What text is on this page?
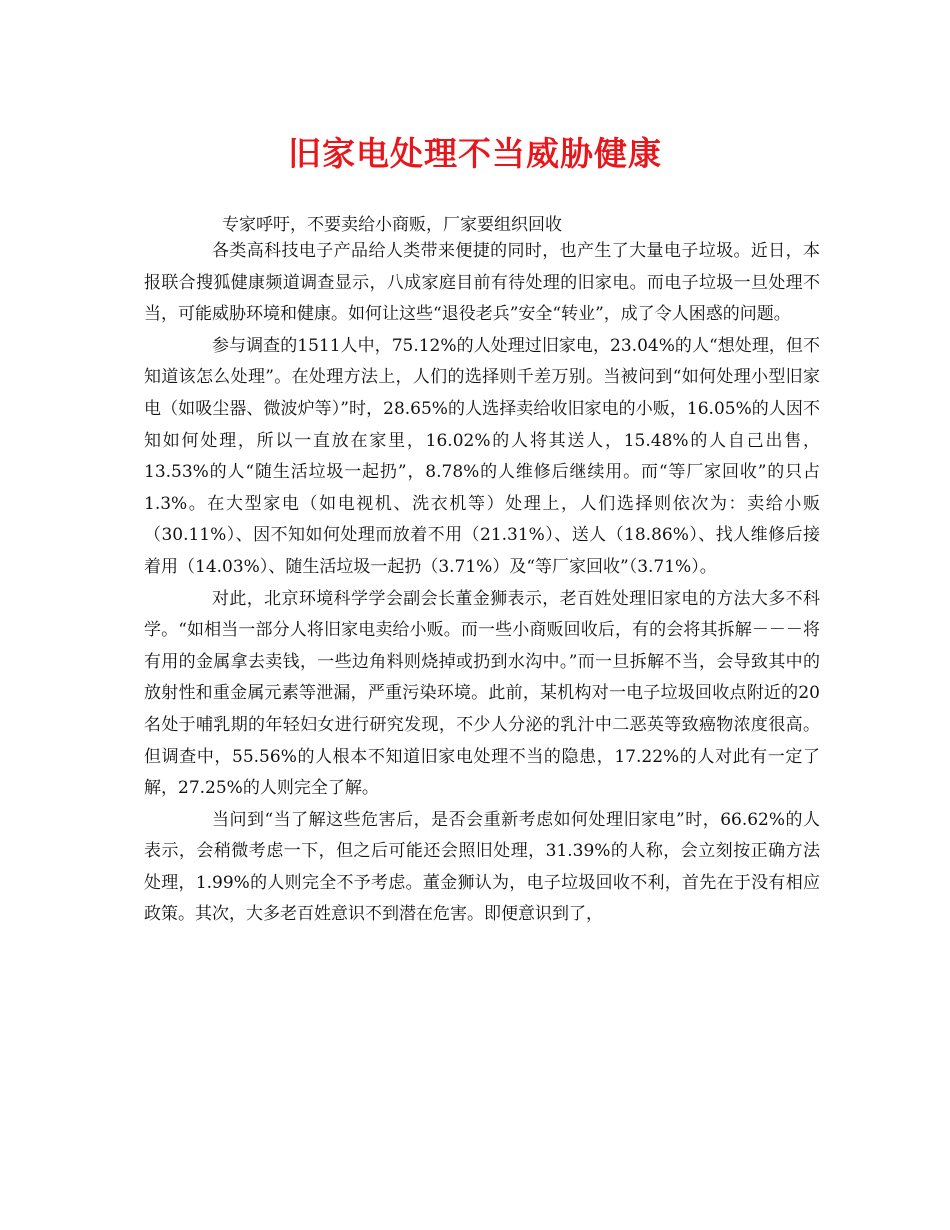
旧家电处理不当威胁健康
专家呼吁，不要卖给小商贩，厂家要组织回收

各类高科技电子产品给人类带来便捷的同时，也产生了大量电子垃圾。近日，本报联合搜狐健康频道调查显示，八成家庭目前有待处理的旧家电。而电子垃圾一旦处理不当，可能威胁环境和健康。如何让这些“退役老兵”安全“转业”，成了令人困惑的问题。

参与调查的1511人中，75.12%的人处理过旧家电，23.04%的人“想处理，但不知道该怎么处理”。在处理方法上，人们的选择则千差万别。当被问到“如何处理小型旧家电（如吸尘器、微波炉等）”时，28.65%的人选择卖给收旧家电的小贩，16.05%的人因不知如何处理，所以一直放在家里，16.02%的人将其送人，15.48%的人自己出售，13.53%的人“随生活垃圾一起扔”，8.78%的人维修后继续用。而“等厂家回收”的只占1.3%。在大型家电（如电视机、洗衣机等）处理上，人们选择则依次为：卖给小贩（30.11%）、因不知如何处理而放着不用（21.31%）、送人（18.86%）、找人维修后接着用（14.03%）、随生活垃圾一起扔（3.71%）及“等厂家回收”（3.71%）。

对此，北京环境科学学会副会长董金狮表示，老百姓处理旧家电的方法大多不科学。“如相当一部分人将旧家电卖给小贩。而一些小商贩回收后，有的会将其拆解－－－将有用的金属拿去卖钱，一些边角料则烧掉或扔到水沟中。”而一旦拆解不当，会导致其中的放射性和重金属元素等泄漏，严重污染环境。此前，某机构对一电子垃圾回收点附近的20名处于哺乳期的年轻妇女进行研究发现，不少人分泌的乳汁中二恶英等致癌物浓度很高。但调查中，55.56%的人根本不知道旧家电处理不当的隐患，17.22%的人对此有一定了解，27.25%的人则完全了解。

当问到“当了解这些危害后，是否会重新考虑如何处理旧家电”时，66.62%的人表示，会稍微考虑一下，但之后可能还会照旧处理，31.39%的人称，会立刻按正确方法处理，1.99%的人则完全不予考虑。董金狮认为，电子垃圾回收不利，首先在于没有相应政策。其次，大多老百姓意识不到潜在危害。即便意识到了，
